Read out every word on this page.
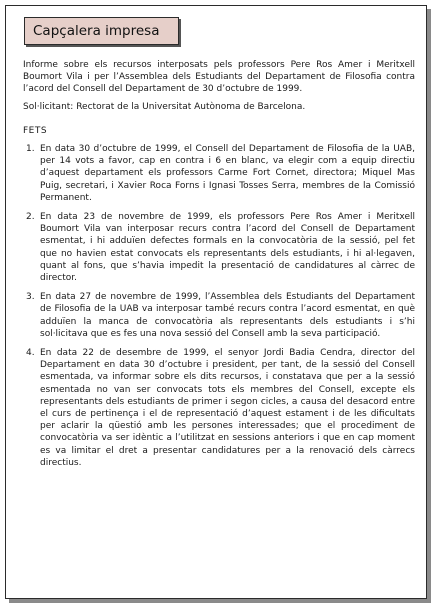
Capçalera impresa

Informe sobre els recursos interposats pels professors Pere Ros Amer i Meritxell Boumort Vila i per l’Assemblea dels Estudiants del Departament de Filosofia contra l’acord del Consell del Departament de 30 d’octubre de 1999.

Sol·licitant: Rectorat de la Universitat Autònoma de Barcelona.

FETS

1. En data 30 d’octubre de 1999, el Consell del Departament de Filosofia de la UAB, per 14 vots a favor, cap en contra i 6 en blanc, va elegir com a equip directiu d’aquest departament els professors Carme Fort Cornet, directora; Miquel Mas Puig, secretari, i Xavier Roca Forns i Ignasi Tosses Serra, membres de la Comissió Permanent.
2. En data 23 de novembre de 1999, els professors Pere Ros Amer i Meritxell Boumort Vila van interposar recurs contra l’acord del Consell de Departament esmentat, i hi adduïen defectes formals en la convocatòria de la sessió, pel fet que no havien estat convocats els representants dels estudiants, i hi al·legaven, quant al fons, que s’havia impedit la presentació de candidatures al càrrec de director.
3. En data 27 de novembre de 1999, l’Assemblea dels Estudiants del Departament de Filosofia de la UAB va interposar també recurs contra l’acord esmentat, en què adduïen la manca de convocatòria als representants dels estudiants i s’hi sol·licitava que es fes una nova sessió del Consell amb la seva participació.
4. En data 22 de desembre de 1999, el senyor Jordi Badia Cendra, director del Departament en data 30 d’octubre i president, per tant, de la sessió del Consell esmentada, va informar sobre els dits recursos, i constatava que per a la sessió esmentada no van ser convocats tots els membres del Consell, excepte els representants dels estudiants de primer i segon cicles, a causa del desacord entre el curs de pertinença i el de representació d’aquest estament i de les dificultats per aclarir la qüestió amb les persones interessades; que el procediment de convocatòria va ser idèntic a l’utilitzat en sessions anteriors i que en cap moment es va limitar el dret a presentar candidatures per a la renovació dels càrrecs directius.
